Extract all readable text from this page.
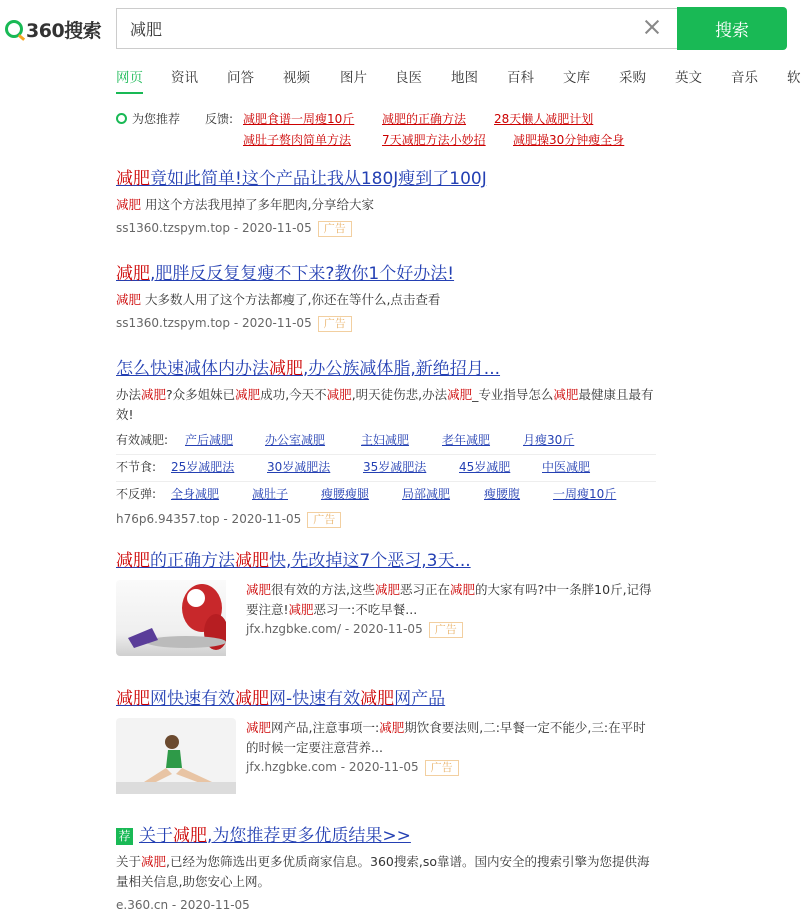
360搜索
减肥	搜索
网页 资讯 问答 视频 图片 良医 地图 百科 文库 采购 英文 音乐 软
为您推荐 反馈: 减肥食谱一周瘦10斤 减肥的正确方法 28天懒人减肥计划
减肚子赘肉简单方法	7天减肥方法小妙招 减肥操30分钟瘦全身
减肥竟如此简单!这个产品让我从180J瘦到了100J
减肥 用这个方法我甩掉了多年肥肉,分享给大家
ss1360.tzspym.top - 2020-11-05 广告
减肥,肥胖反反复复瘦不下来?教你1个好办法!
减肥 大多数人用了这个方法都瘦了,你还在等什么,点击查看
ss1360.tzspym.top - 2020-11-05 广告
怎么快速减体内办法减肥,办公族减体脂,新绝招月...
办法减肥?众多姐妹已减肥成功,今天不减肥,明天徒伤悲,办法减肥_专业指导怎么减肥最健康且最有效!
有效减肥: 产后减肥	办公室减肥	主妇减肥	老年减肥	月瘦30斤
不节食: 25岁减肥法	30岁减肥法	35岁减肥法	45岁减肥	中医减肥
不反弹: 全身减肥	减肚子	瘦腰瘦腿	局部减肥	瘦腰腹	一周瘦10斤
h76p6.94357.top - 2020-11-05 广告
减肥的正确方法减肥快,先改掉这7个恶习,3天...
减肥很有效的方法,这些减肥恶习正在减肥的大家有吗?中一条胖10斤,记得要注意!减肥恶习一:不吃早餐...
jfx.hzgbke.com/ - 2020-11-05 广告
减肥网快速有效减肥网-快速有效减肥网产品
减肥网产品,注意事项一:减肥期饮食要法则,二:早餐一定不能少,三:在平时的时候一定要注意营养...
jfx.hzgbke.com - 2020-11-05 广告
荐 关于减肥,为您推荐更多优质结果>>
关于减肥,已经为您筛选出更多优质商家信息。360搜索,so靠谱。国内安全的搜索引擎为您提供海量相关信息,助您安心上网。
e.360.cn - 2020-11-05
